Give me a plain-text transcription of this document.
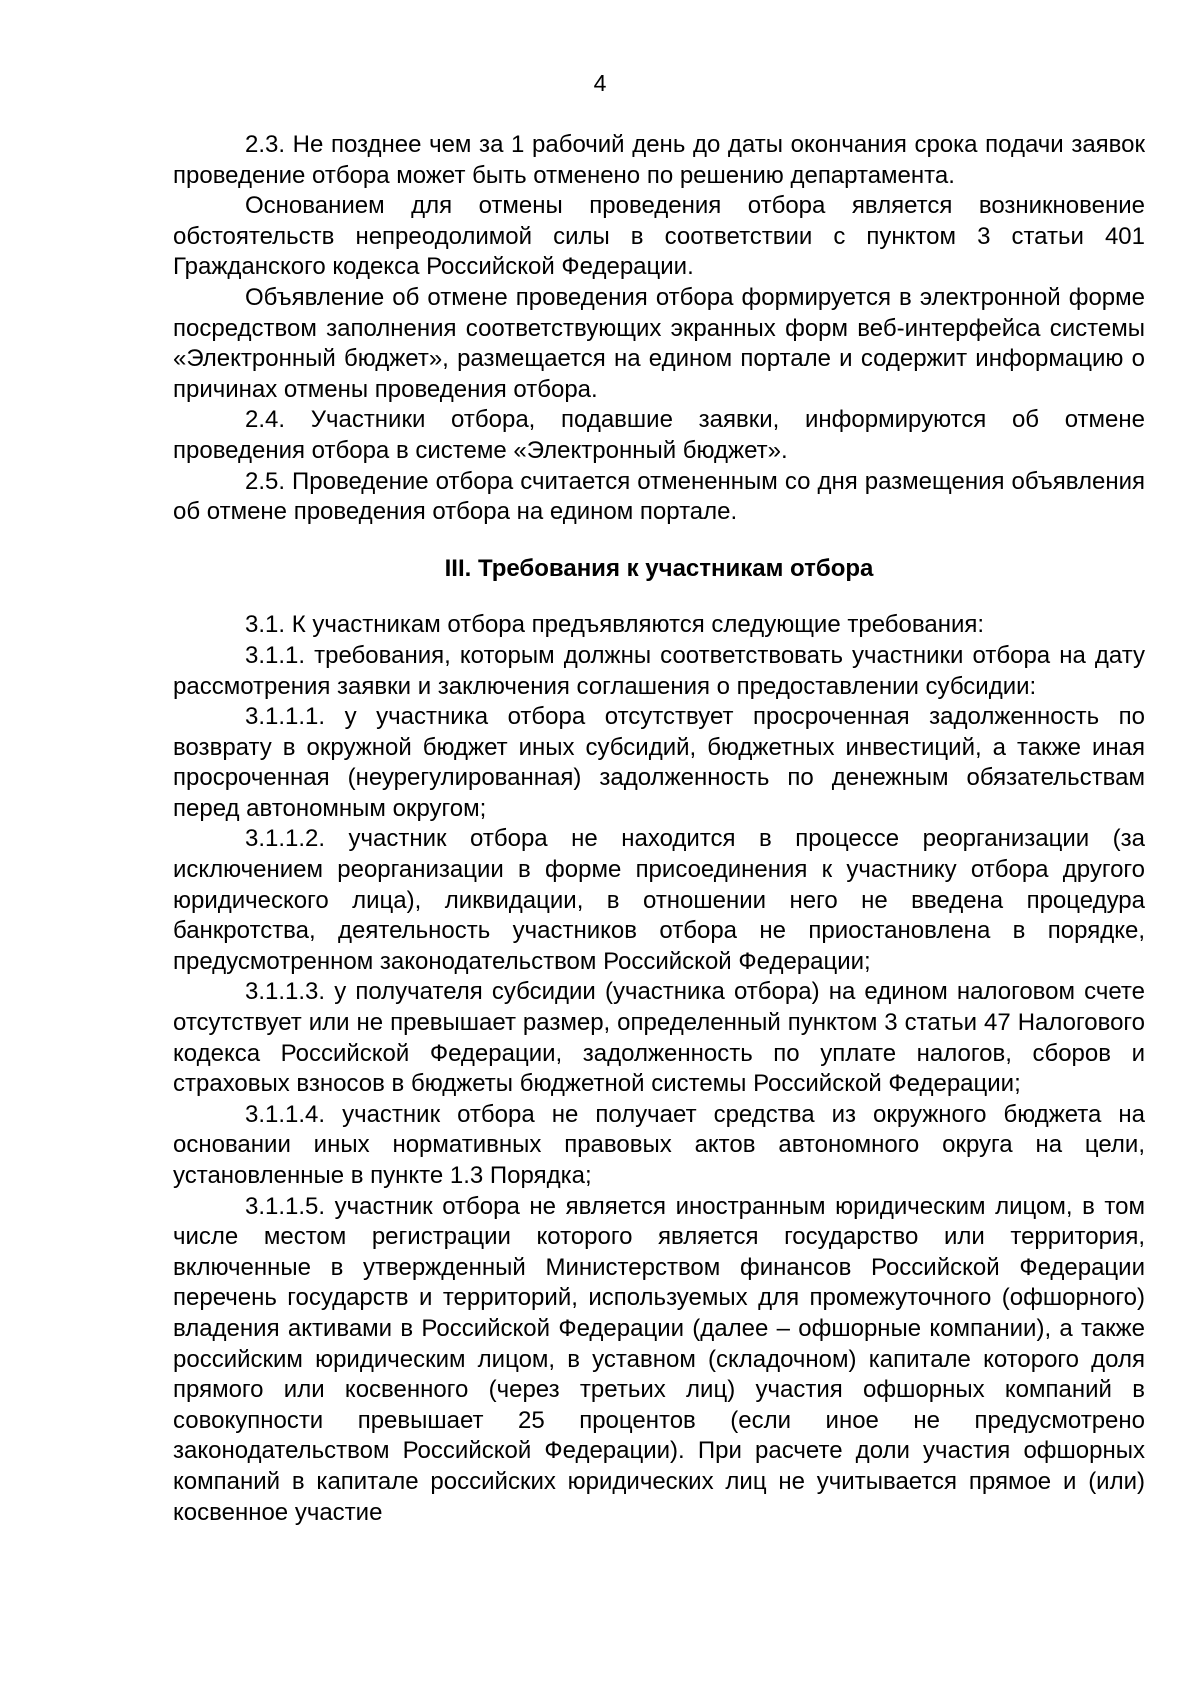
4

2.3. Не позднее чем за 1 рабочий день до даты окончания срока подачи заявок проведение отбора может быть отменено по решению департамента.

Основанием для отмены проведения отбора является возникновение обстоятельств непреодолимой силы в соответствии с пунктом 3 статьи 401 Гражданского кодекса Российской Федерации.

Объявление об отмене проведения отбора формируется в электронной форме посредством заполнения соответствующих экранных форм веб-интерфейса системы «Электронный бюджет», размещается на едином портале и содержит информацию о причинах отмены проведения отбора.

2.4. Участники отбора, подавшие заявки, информируются об отмене проведения отбора в системе «Электронный бюджет».

2.5. Проведение отбора считается отмененным со дня размещения объявления об отмене проведения отбора на едином портале.

III. Требования к участникам отбора

3.1. К участникам отбора предъявляются следующие требования:

3.1.1. требования, которым должны соответствовать участники отбора на дату рассмотрения заявки и заключения соглашения о предоставлении субсидии:

3.1.1.1. у участника отбора отсутствует просроченная задолженность по возврату в окружной бюджет иных субсидий, бюджетных инвестиций, а также иная просроченная (неурегулированная) задолженность по денежным обязательствам перед автономным округом;

3.1.1.2. участник отбора не находится в процессе реорганизации (за исключением реорганизации в форме присоединения к участнику отбора другого юридического лица), ликвидации, в отношении него не введена процедура банкротства, деятельность участников отбора не приостановлена в порядке, предусмотренном законодательством Российской Федерации;

3.1.1.3. у получателя субсидии (участника отбора) на едином налоговом счете отсутствует или не превышает размер, определенный пунктом 3 статьи 47 Налогового кодекса Российской Федерации, задолженность по уплате налогов, сборов и страховых взносов в бюджеты бюджетной системы Российской Федерации;

3.1.1.4. участник отбора не получает средства из окружного бюджета на основании иных нормативных правовых актов автономного округа на цели, установленные в пункте 1.3 Порядка;

3.1.1.5. участник отбора не является иностранным юридическим лицом, в том числе местом регистрации которого является государство или территория, включенные в утвержденный Министерством финансов Российской Федерации перечень государств и территорий, используемых для промежуточного (офшорного) владения активами в Российской Федерации (далее – офшорные компании), а также российским юридическим лицом, в уставном (складочном) капитале которого доля прямого или косвенного (через третьих лиц) участия офшорных компаний в совокупности превышает 25 процентов (если иное не предусмотрено законодательством Российской Федерации). При расчете доли участия офшорных компаний в капитале российских юридических лиц не учитывается прямое и (или) косвенное участие
